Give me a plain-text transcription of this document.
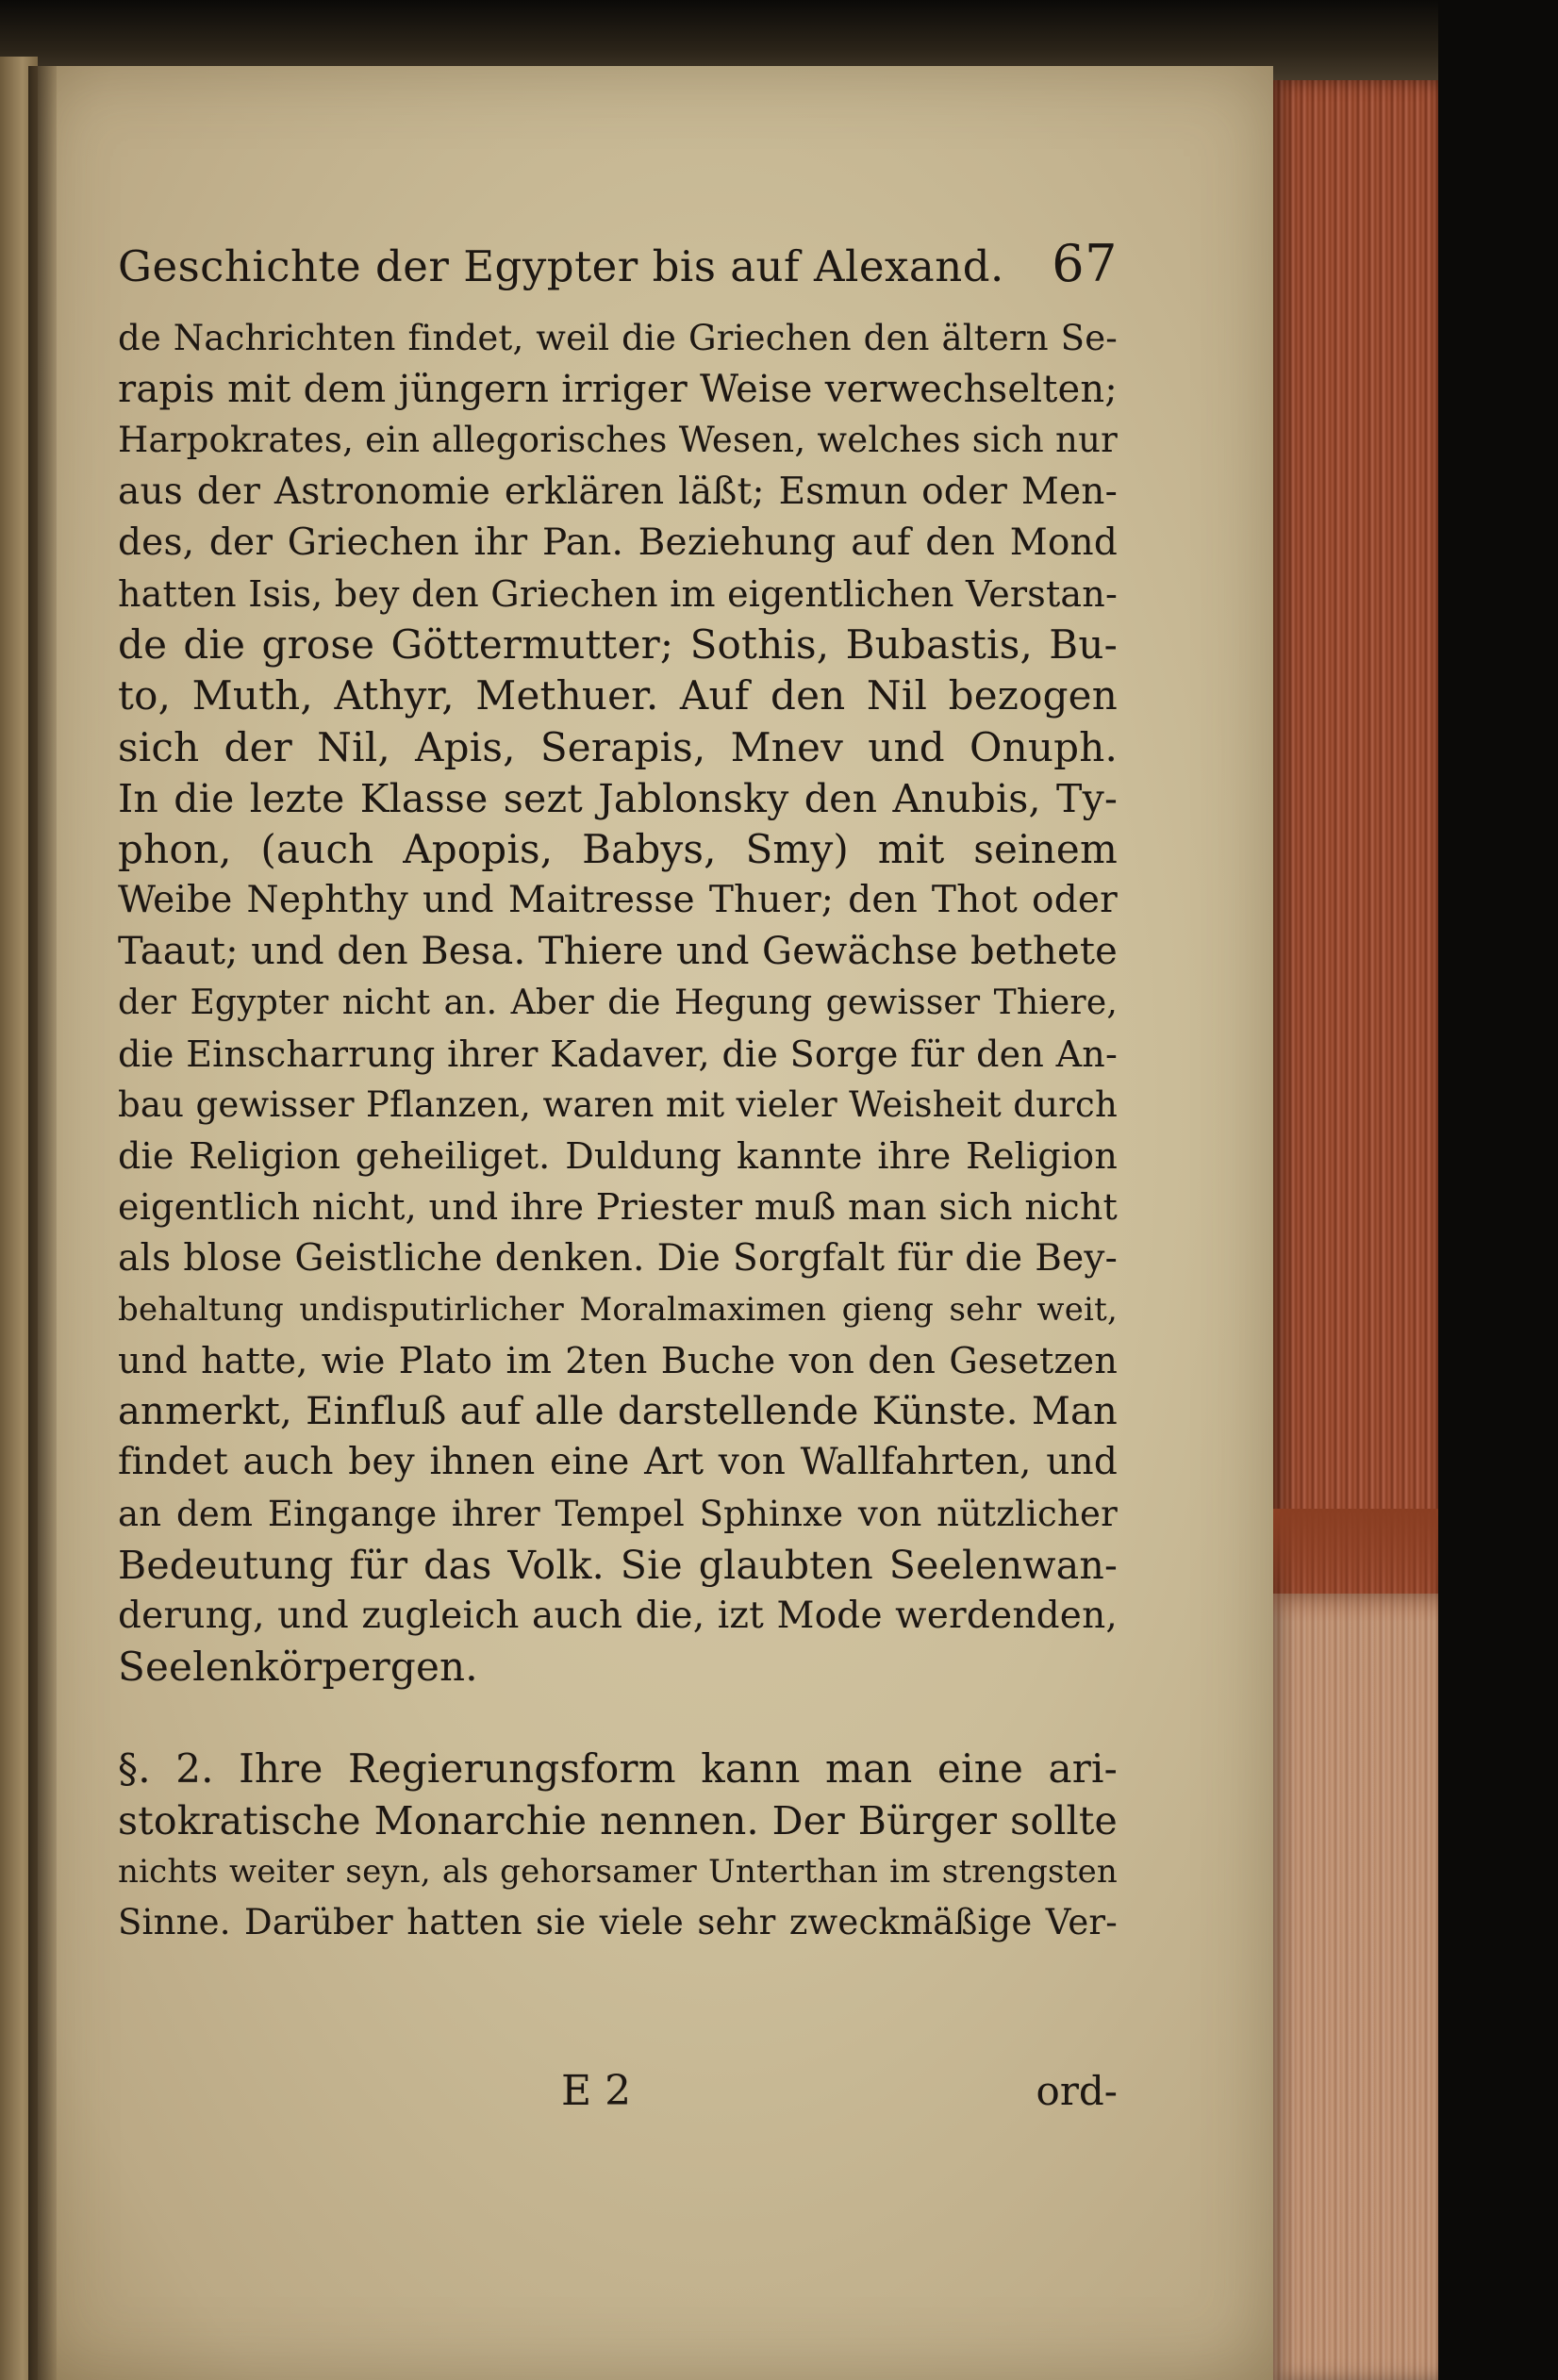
Geschichte der Egypter bis auf Alexand. 67
de Nachrichten findet, weil die Griechen den ältern Se-
rapis mit dem jüngern irriger Weise verwechselten;
Harpokrates, ein allegorisches Wesen, welches sich nur
aus der Astronomie erklären läßt; Esmun oder Men-
des, der Griechen ihr Pan. Beziehung auf den Mond
hatten Isis, bey den Griechen im eigentlichen Verstan-
de die grose Göttermutter; Sothis, Bubastis, Bu-
to, Muth, Athyr, Methuer. Auf den Nil bezogen
sich der Nil, Apis, Serapis, Mnev und Onuph.
In die lezte Klasse sezt Jablonsky den Anubis, Ty-
phon, (auch Apopis, Babys, Smy) mit seinem
Weibe Nephthy und Maitresse Thuer; den Thot oder
Taaut; und den Besa. Thiere und Gewächse bethete
der Egypter nicht an. Aber die Hegung gewisser Thiere,
die Einscharrung ihrer Kadaver, die Sorge für den An-
bau gewisser Pflanzen, waren mit vieler Weisheit durch
die Religion geheiliget. Duldung kannte ihre Religion
eigentlich nicht, und ihre Priester muß man sich nicht
als blose Geistliche denken. Die Sorgfalt für die Bey-
behaltung undisputirlicher Moralmaximen gieng sehr weit,
und hatte, wie Plato im 2ten Buche von den Gesetzen
anmerkt, Einfluß auf alle darstellende Künste. Man
findet auch bey ihnen eine Art von Wallfahrten, und
an dem Eingange ihrer Tempel Sphinxe von nützlicher
Bedeutung für das Volk. Sie glaubten Seelenwan-
derung, und zugleich auch die, izt Mode werdenden,
Seelenkörpergen.
§. 2. Ihre Regierungsform kann man eine ari-
stokratische Monarchie nennen. Der Bürger sollte
nichts weiter seyn, als gehorsamer Unterthan im strengsten
Sinne. Darüber hatten sie viele sehr zweckmäßige Ver-
E 2	ord-
